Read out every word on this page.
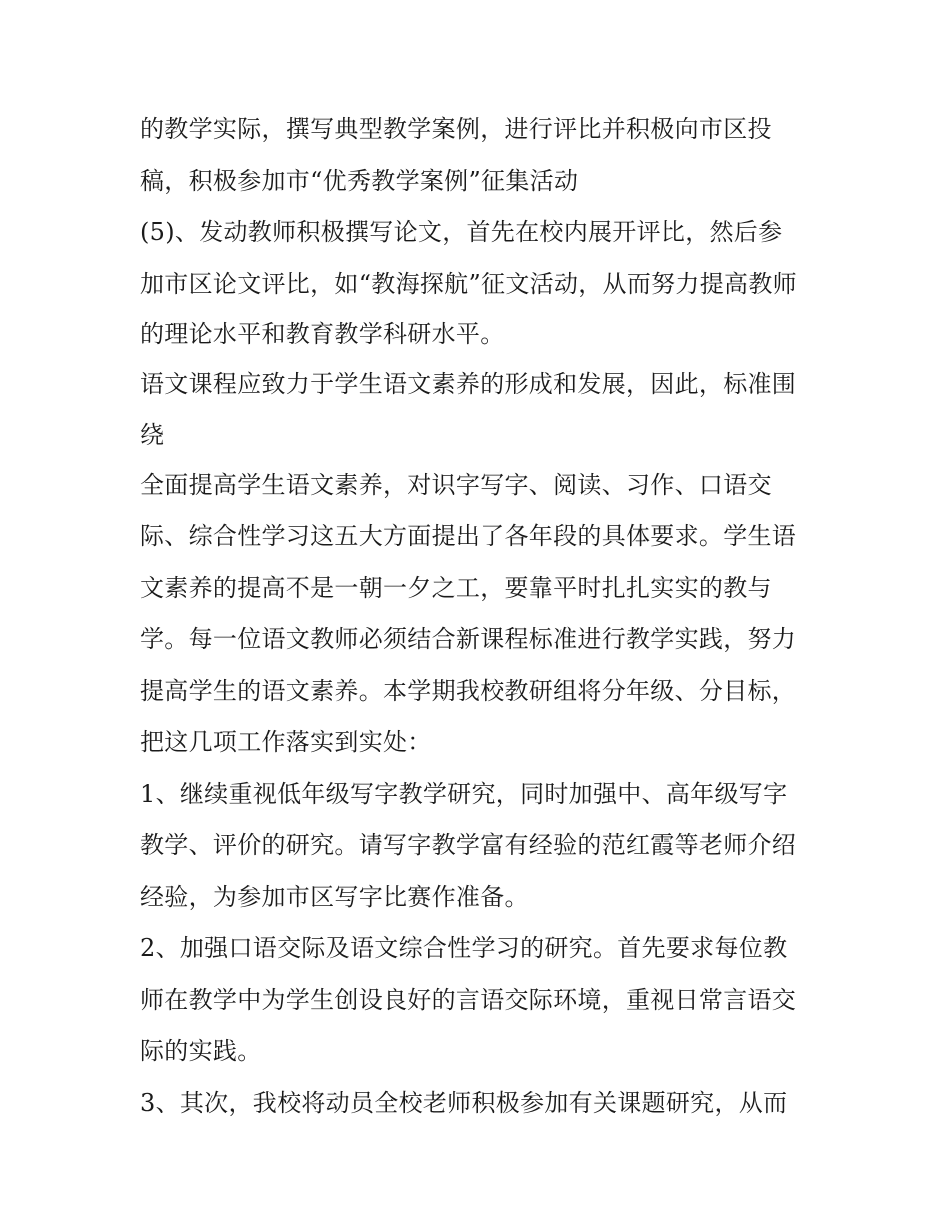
的教学实际，撰写典型教学案例，进行评比并积极向市区投
稿，积极参加市“优秀教学案例”征集活动
(5)、发动教师积极撰写论文，首先在校内展开评比，然后参
加市区论文评比，如“教海探航”征文活动，从而努力提高教师
的理论水平和教育教学科研水平。
语文课程应致力于学生语文素养的形成和发展，因此，标准围
绕
全面提高学生语文素养，对识字写字、阅读、习作、口语交
际、综合性学习这五大方面提出了各年段的具体要求。学生语
文素养的提高不是一朝一夕之工，要靠平时扎扎实实的教与
学。每一位语文教师必须结合新课程标准进行教学实践，努力
提高学生的语文素养。本学期我校教研组将分年级、分目标，
把这几项工作落实到实处：
1、继续重视低年级写字教学研究，同时加强中、高年级写字
教学、评价的研究。请写字教学富有经验的范红霞等老师介绍
经验，为参加市区写字比赛作准备。
2、加强口语交际及语文综合性学习的研究。首先要求每位教
师在教学中为学生创设良好的言语交际环境，重视日常言语交
际的实践。
3、其次，我校将动员全校老师积极参加有关课题研究，从而
